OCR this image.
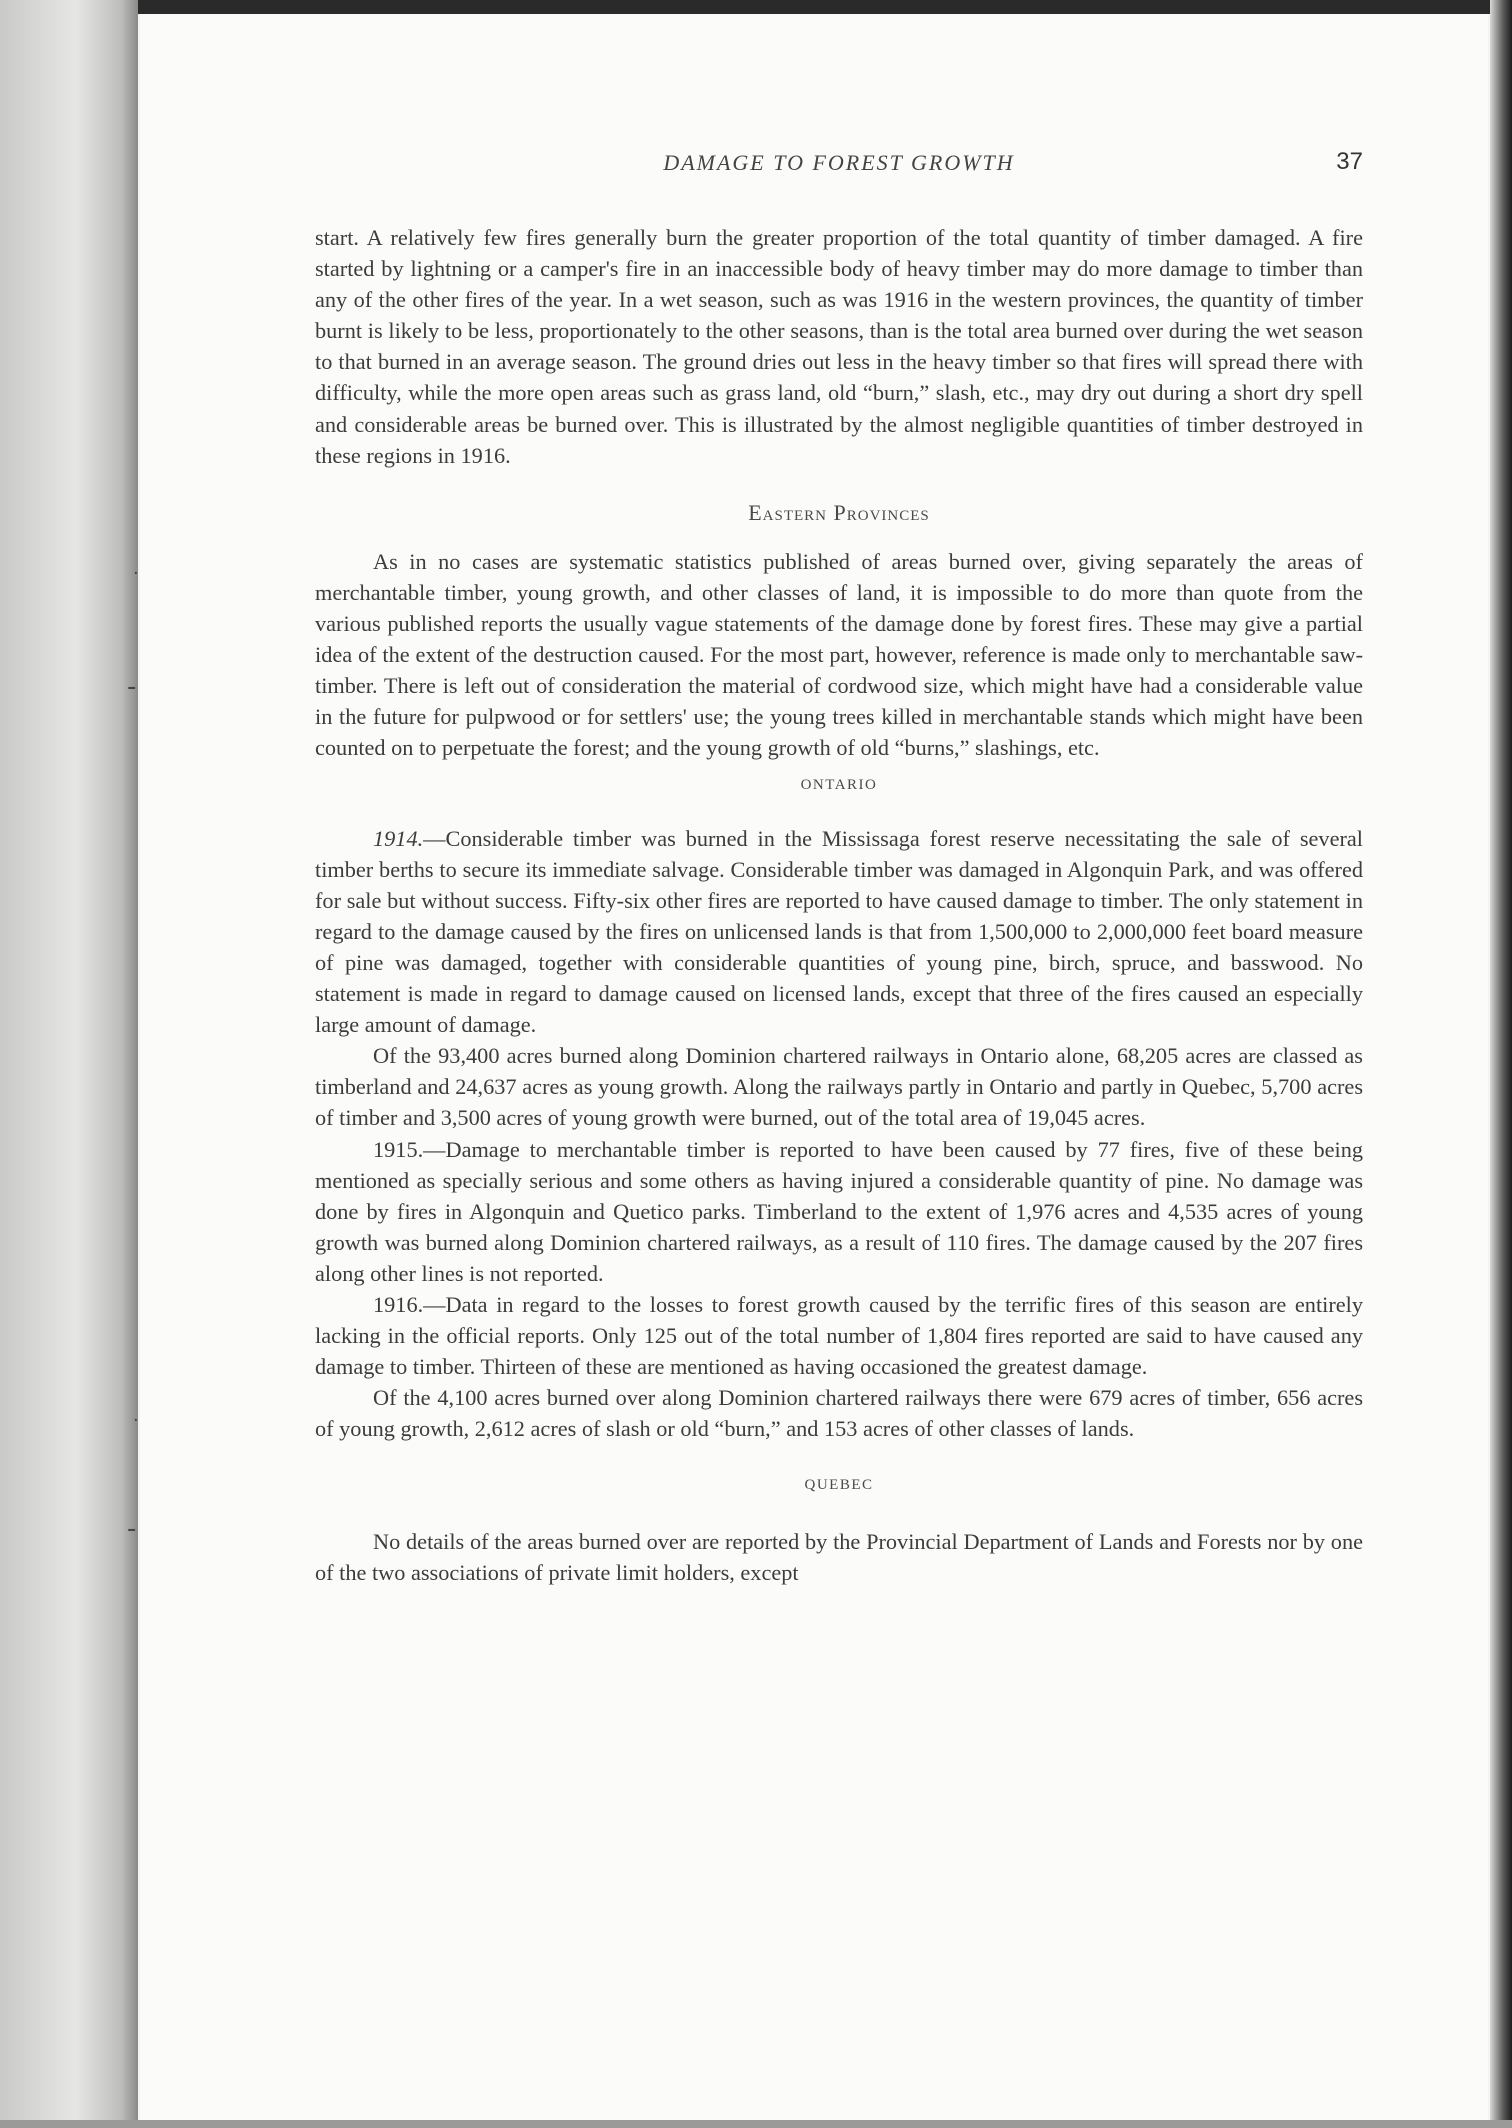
·
-
·
-
DAMAGE TO FOREST GROWTH	37

start. A relatively few fires generally burn the greater proportion of the total quantity of timber damaged. A fire started by lightning or a camper's fire in an inaccessible body of heavy timber may do more damage to timber than any of the other fires of the year. In a wet season, such as was 1916 in the western provinces, the quantity of timber burnt is likely to be less, proportionately to the other seasons, than is the total area burned over during the wet season to that burned in an average season. The ground dries out less in the heavy timber so that fires will spread there with difficulty, while the more open areas such as grass land, old “burn,” slash, etc., may dry out during a short dry spell and considerable areas be burned over. This is illustrated by the almost negligible quantities of timber destroyed in these regions in 1916.

Eastern Provinces

As in no cases are systematic statistics published of areas burned over, giving separately the areas of merchantable timber, young growth, and other classes of land, it is impossible to do more than quote from the various published reports the usually vague statements of the damage done by forest fires. These may give a partial idea of the extent of the destruction caused. For the most part, however, reference is made only to merchantable saw-timber. There is left out of consideration the material of cordwood size, which might have had a considerable value in the future for pulpwood or for settlers' use; the young trees killed in merchantable stands which might have been counted on to perpetuate the forest; and the young growth of old “burns,” slashings, etc.

ONTARIO

1914.—Considerable timber was burned in the Mississaga forest reserve necessitating the sale of several timber berths to secure its immediate salvage. Considerable timber was damaged in Algonquin Park, and was offered for sale but without success. Fifty-six other fires are reported to have caused damage to timber. The only statement in regard to the damage caused by the fires on unlicensed lands is that from 1,500,000 to 2,000,000 feet board measure of pine was damaged, together with considerable quantities of young pine, birch, spruce, and basswood. No statement is made in regard to damage caused on licensed lands, except that three of the fires caused an especially large amount of damage.

Of the 93,400 acres burned along Dominion chartered railways in Ontario alone, 68,205 acres are classed as timberland and 24,637 acres as young growth. Along the railways partly in Ontario and partly in Quebec, 5,700 acres of timber and 3,500 acres of young growth were burned, out of the total area of 19,045 acres.

1915.—Damage to merchantable timber is reported to have been caused by 77 fires, five of these being mentioned as specially serious and some others as having injured a considerable quantity of pine. No damage was done by fires in Algonquin and Quetico parks. Timberland to the extent of 1,976 acres and 4,535 acres of young growth was burned along Dominion chartered railways, as a result of 110 fires. The damage caused by the 207 fires along other lines is not reported.

1916.—Data in regard to the losses to forest growth caused by the terrific fires of this season are entirely lacking in the official reports. Only 125 out of the total number of 1,804 fires reported are said to have caused any damage to timber. Thirteen of these are mentioned as having occasioned the greatest damage.

Of the 4,100 acres burned over along Dominion chartered railways there were 679 acres of timber, 656 acres of young growth, 2,612 acres of slash or old “burn,” and 153 acres of other classes of lands.

QUEBEC

No details of the areas burned over are reported by the Provincial Department of Lands and Forests nor by one of the two associations of private limit holders, except
